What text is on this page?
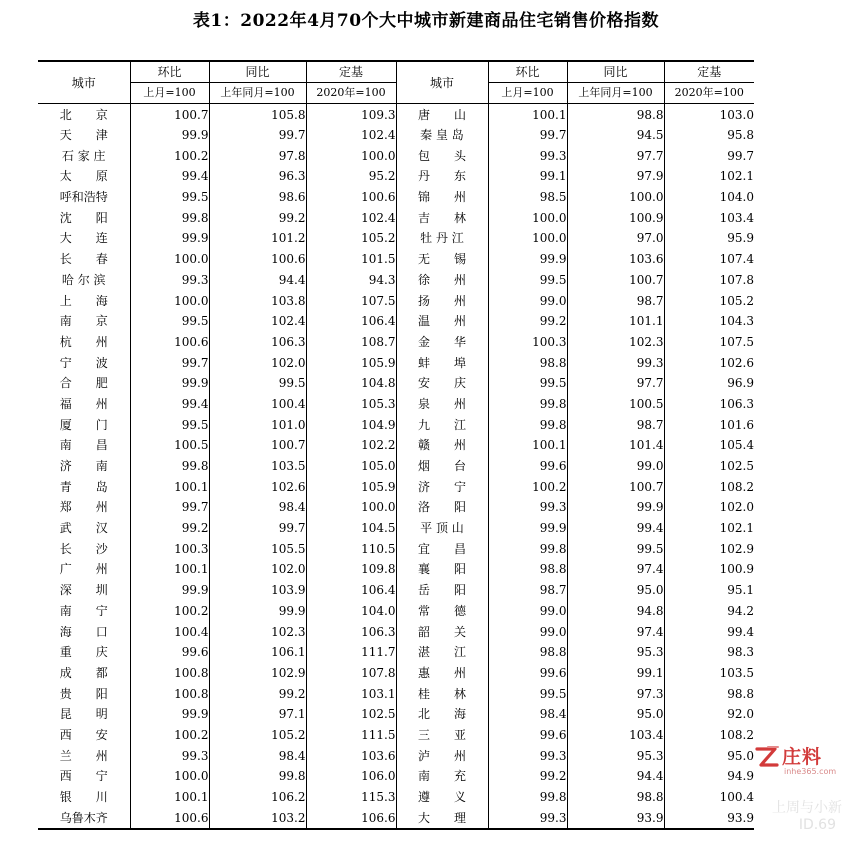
表1：2022年4月70个大中城市新建商品住宅销售价格指数
城市	环比	同比	定基	城市	环比	同比	定基
	上月=100	上年同月=100	2020年=100		上月=100	上年同月=100	2020年=100
北　　京	100.7	105.8	109.3	唐　　山	100.1	98.8	103.0
天　　津	99.9	99.7	102.4	秦 皇 岛	99.7	94.5	95.8
石 家 庄	100.2	97.8	100.0	包　　头	99.3	97.7	99.7
太　　原	99.4	96.3	95.2	丹　　东	99.1	97.9	102.1
呼和浩特	99.5	98.6	100.6	锦　　州	98.5	100.0	104.0
沈　　阳	99.8	99.2	102.4	吉　　林	100.0	100.9	103.4
大　　连	99.9	101.2	105.2	牡 丹 江	100.0	97.0	95.9
长　　春	100.0	100.6	101.5	无　　锡	99.9	103.6	107.4
哈 尔 滨	99.3	94.4	94.3	徐　　州	99.5	100.7	107.8
上　　海	100.0	103.8	107.5	扬　　州	99.0	98.7	105.2
南　　京	99.5	102.4	106.4	温　　州	99.2	101.1	104.3
杭　　州	100.6	106.3	108.7	金　　华	100.3	102.3	107.5
宁　　波	99.7	102.0	105.9	蚌　　埠	98.8	99.3	102.6
合　　肥	99.9	99.5	104.8	安　　庆	99.5	97.7	96.9
福　　州	99.4	100.4	105.3	泉　　州	99.8	100.5	106.3
厦　　门	99.5	101.0	104.9	九　　江	99.8	98.7	101.6
南　　昌	100.5	100.7	102.2	赣　　州	100.1	101.4	105.4
济　　南	99.8	103.5	105.0	烟　　台	99.6	99.0	102.5
青　　岛	100.1	102.6	105.9	济　　宁	100.2	100.7	108.2
郑　　州	99.7	98.4	100.0	洛　　阳	99.3	99.9	102.0
武　　汉	99.2	99.7	104.5	平 顶 山	99.9	99.4	102.1
长　　沙	100.3	105.5	110.5	宜　　昌	99.8	99.5	102.9
广　　州	100.1	102.0	109.8	襄　　阳	98.8	97.4	100.9
深　　圳	99.9	103.9	106.4	岳　　阳	98.7	95.0	95.1
南　　宁	100.2	99.9	104.0	常　　德	99.0	94.8	94.2
海　　口	100.4	102.3	106.3	韶　　关	99.0	97.4	99.4
重　　庆	99.6	106.1	111.7	湛　　江	98.8	95.3	98.3
成　　都	100.8	102.9	107.8	惠　　州	99.6	99.1	103.5
贵　　阳	100.8	99.2	103.1	桂　　林	99.5	97.3	98.8
昆　　明	99.9	97.1	102.5	北　　海	98.4	95.0	92.0
西　　安	100.2	105.2	111.5	三　　亚	99.6	103.4	108.2
兰　　州	99.3	98.4	103.6	泸　　州	99.3	95.3	95.0
西　　宁	100.0	99.8	106.0	南　　充	99.2	94.4	94.9
银　　川	100.1	106.2	115.3	遵　　义	99.8	98.8	100.4
乌鲁木齐	100.6	103.2	106.6	大　　理	99.3	93.9	93.9
庄料
inhe365.com
上周与小新
ID.69
